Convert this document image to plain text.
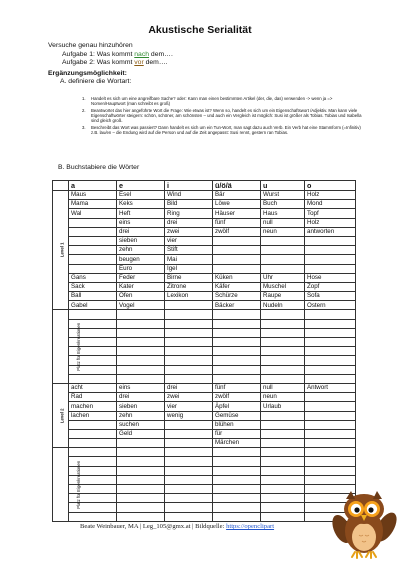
Akustische Serialität
Versuche genau hinzuhören
Aufgabe 1: Was kommt nach dem….
Aufgabe 2: Was kommt vor dem….
Ergänzungsmöglichkeit:
A. definiere die Wortart:
1.	Handelt es sich um eine angreifbare Sache? oder: Kann man einen bestimmten Artikel (der, die, das) verwenden -> wenn ja => Nomen/Hauptwort (man schreibt es groß)
2.	Beantwortet das hier angeführte Wort die Frage: Wie etwas ist? Wenn so, handelt es sich um ein Eigenschaftswort /Adjektiv. Man kann viele Eigenschaftwörter steigern: schön, schöner, am schönsten – und auch ein Vergleich ist möglich: Susi ist größer als Tobias. Tobias und Isabella sind gleich groß.
3.	Beschreibt das Wort was passiert? Dann handelt es sich um ein Tun-Wort, man sagt dazu auch Verb. Ein Verb hat eine Stammform (=Infinitiv) z.B. lau/en – die Endung wird auf die Person und auf die Zeit angepasst: Susi rennt, gestern ran Tobias.
B. Buchstabiere die Wörter
	a	e	i	ü/ö/ä	u	o
Level 1	Maus	Esel	Wind	Bär	Wurst	Holz
	Mama	Keks	Bild	Löwe	Buch	Mond
	Wal	Heft	Ring	Häuser	Haus	Topf
		eins	drei	fünf	null	Holz
		drei	zwei	zwölf	neun	antworten
		sieben	vier			
		zehn	Stift			
		beugen	Mai			
		Euro	Igel			
	Gans	Feder	Birne	Küken	Uhr	Hose
	Sack	Kater	Zitrone	Käfer	Muschel	Zopf
	Ball	Ofen	Lexikon	Schürze	Raupe	Sofa
	Gabel	Vogel		Bäcker	Nudeln	Ostern
Platz für Eigenkreationen						

Level 2	acht	eins	drei	fünf	null	Antwort
	Rad	drei	zwei	zwölf	neun	
	machen	sieben	vier	Äpfel	Urlaub	
	lachen	zehn	wenig	Gemüse		
		suchen		blühen		
		Geld		für		
				Märchen		
Platz für Eigenkreationen						

Beate Weinbauer, MA | Leg_105@gmx.at | Bildquelle: https://openclipart
